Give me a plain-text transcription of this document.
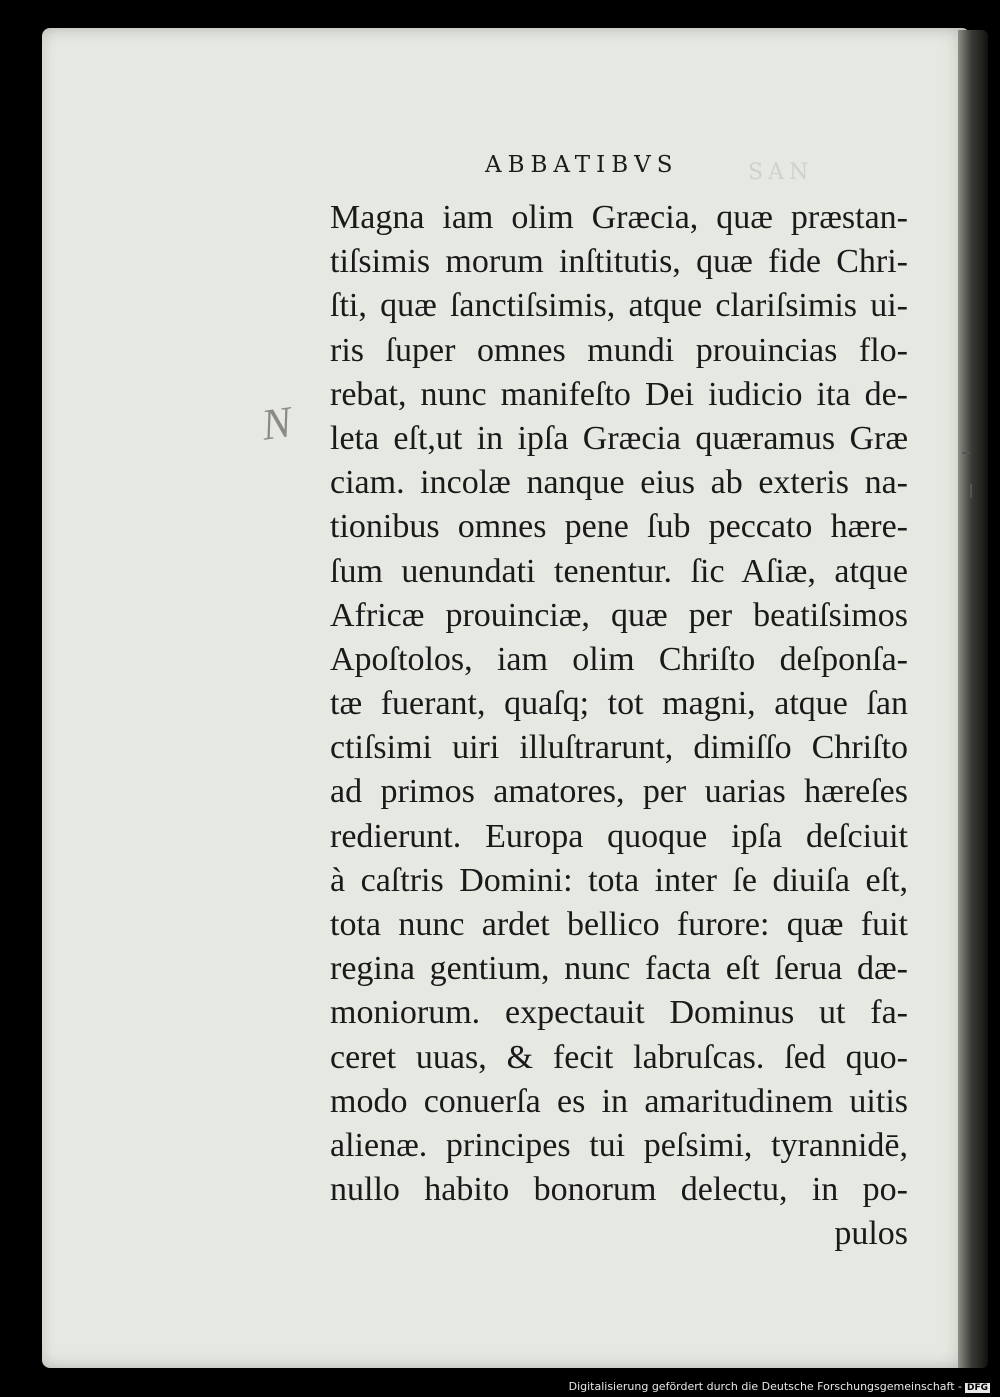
ABBATIBVS	SAN
N
Magna iam olim Græcia, quæ præstan-
tiſsimis morum inſtitutis, quæ fide Chri-
ſti, quæ ſanctiſsimis, atque clariſsimis ui-
ris ſuper omnes mundi prouincias flo-
rebat, nunc manifeſto Dei iudicio ita de-
leta eſt,ut in ipſa Græcia quæramus Græ
ciam. incolæ nanque eius ab exteris na-
tionibus omnes pene ſub peccato hære-
ſum uenundati tenentur. ſic Aſiæ, atque
Africæ prouinciæ, quæ per beatiſsimos
Apoſtolos, iam olim Chriſto deſponſa-
tæ fuerant, quaſq; tot magni, atque ſan
ctiſsimi uiri illuſtrarunt, dimiſſo Chriſto
ad primos amatores, per uarias hæreſes
redierunt. Europa quoque ipſa deſciuit
à caſtris Domini: tota inter ſe diuiſa eſt,
tota nunc ardet bellico furore: quæ fuit
regina gentium, nunc facta eſt ſerua dæ-
moniorum. expectauit Dominus ut fa-
ceret uuas, & fecit labruſcas. ſed quo-
modo conuerſa es in amaritudinem uitis
alienæ. principes tui peſsimi, tyrannidē,
nullo habito bonorum delectu, in po-
pulos
Digitalisierung gefördert durch die Deutsche Forschungsgemeinschaft - DFG
